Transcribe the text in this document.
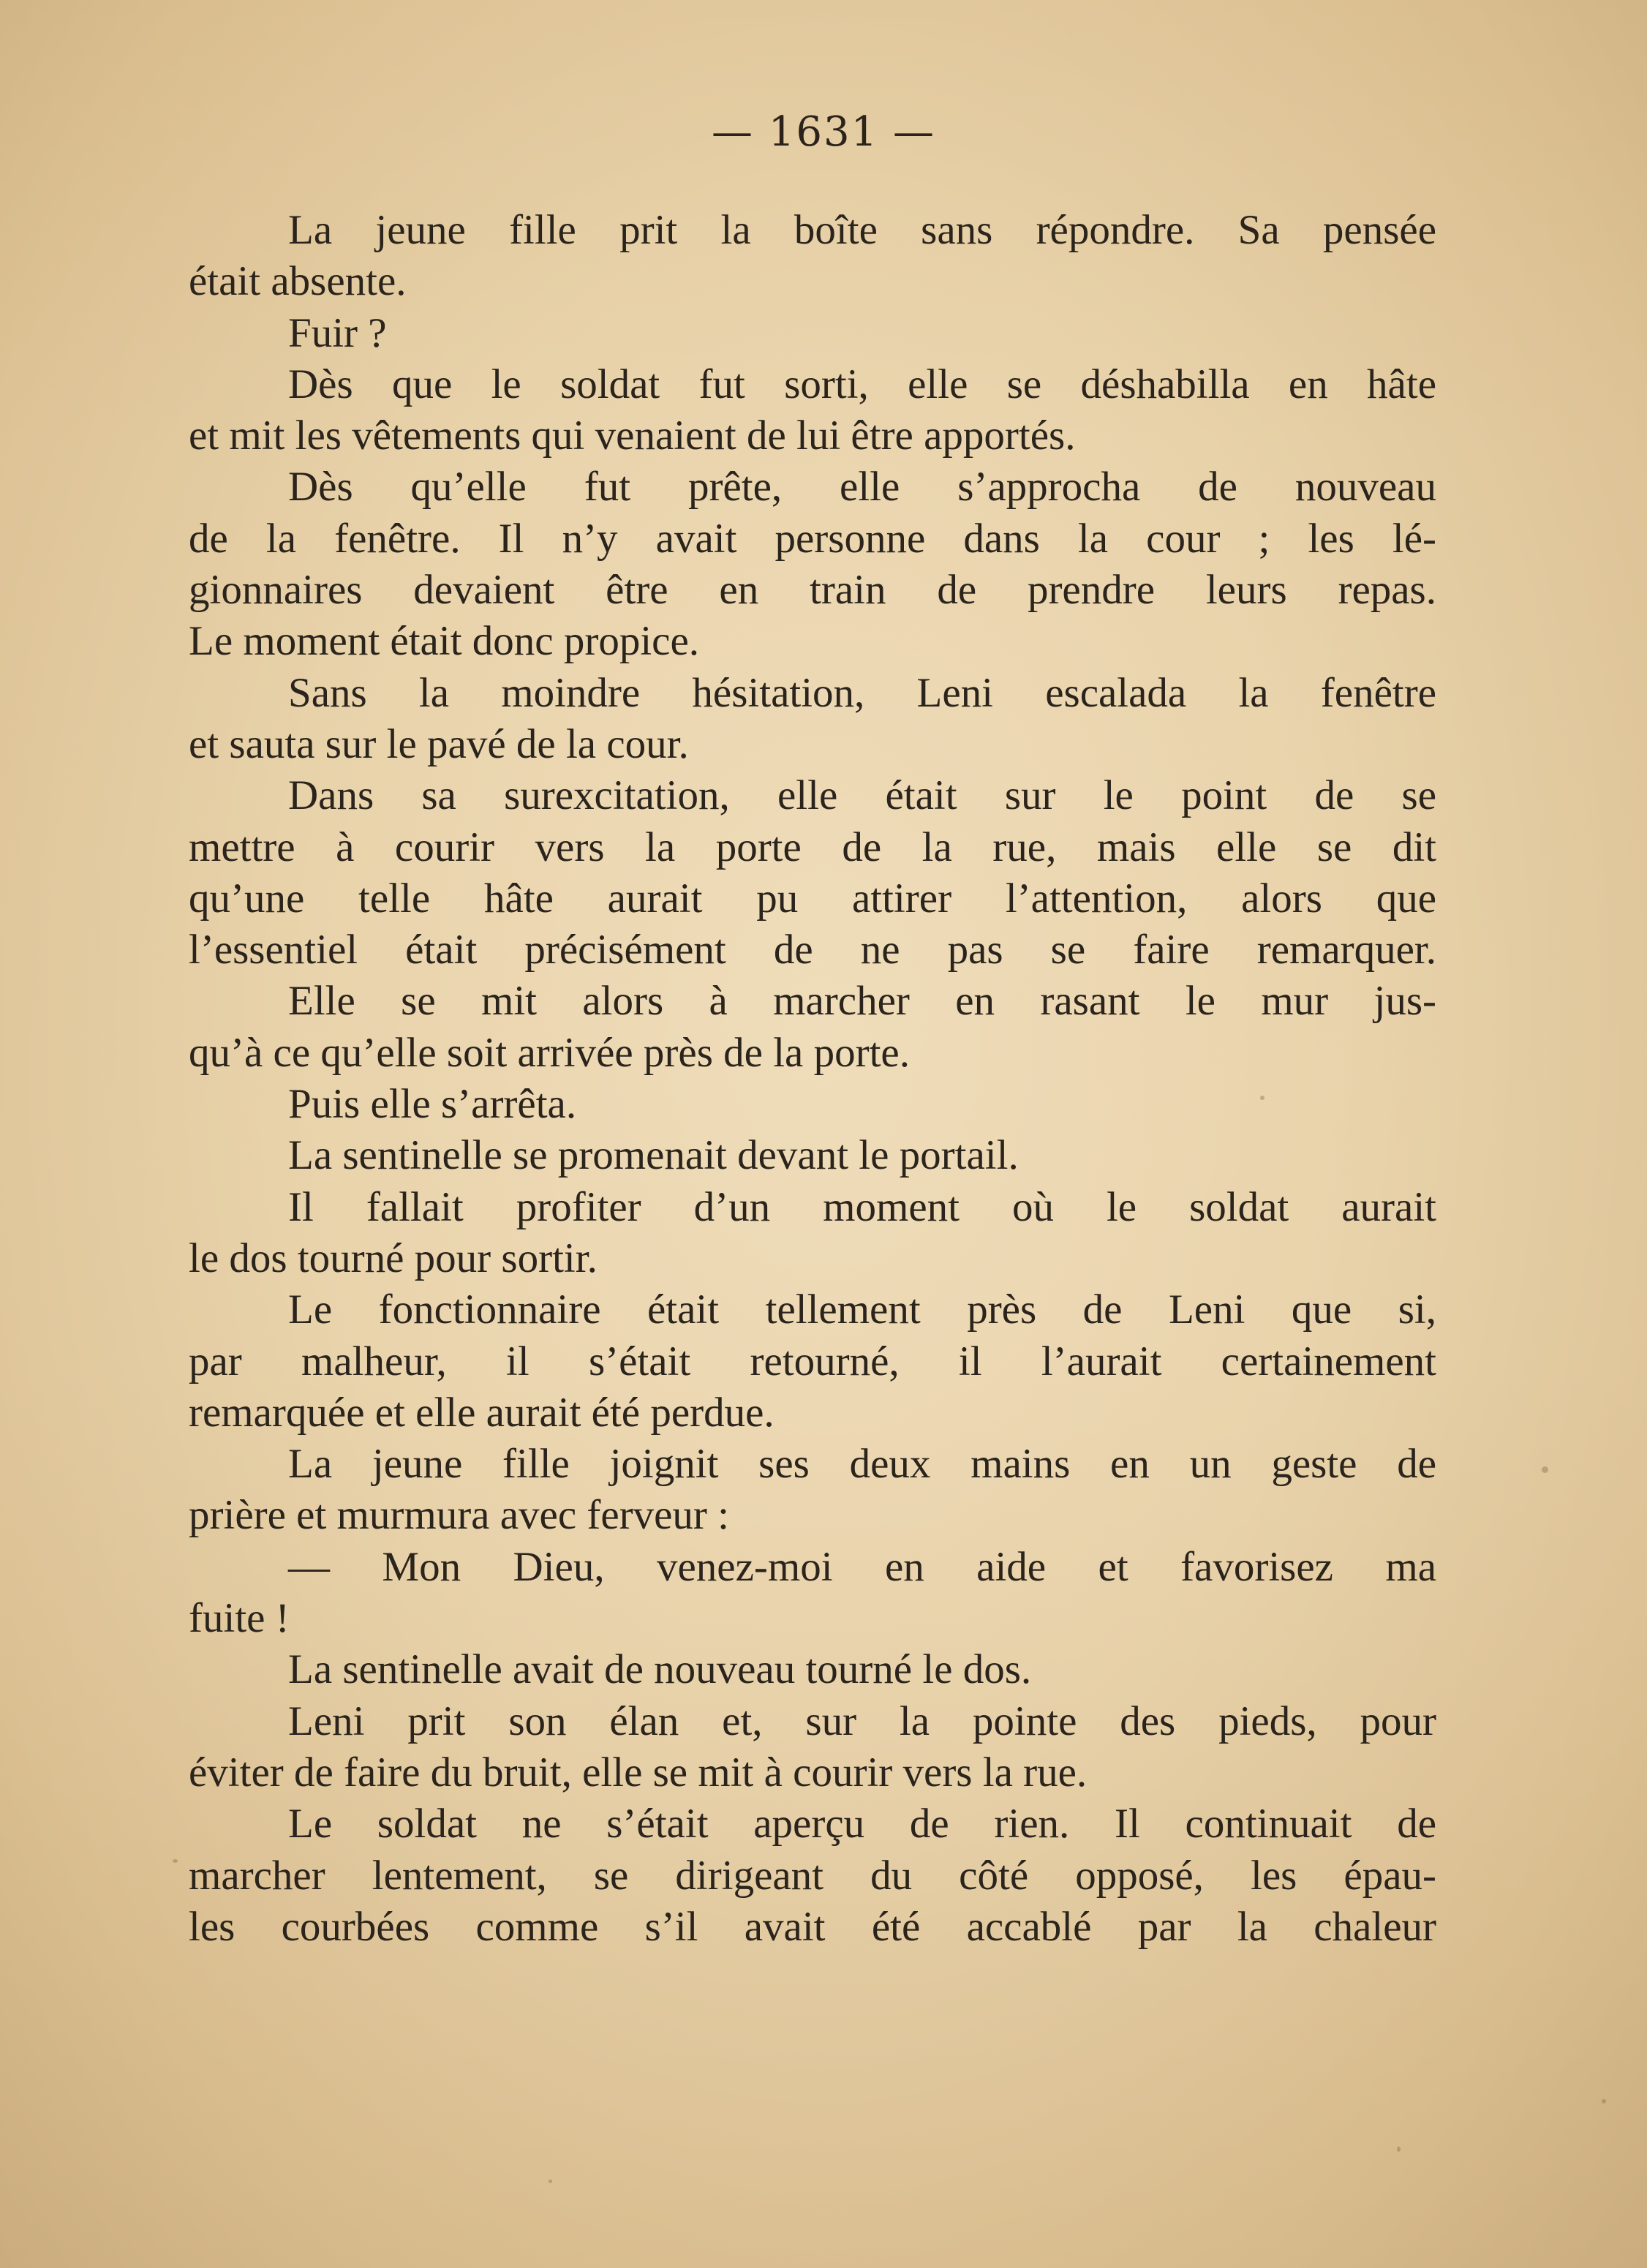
— 1631 —
La jeune fille prit la boîte sans répondre. Sa pensée
était absente.
Fuir ?
Dès que le soldat fut sorti, elle se déshabilla en hâte
et mit les vêtements qui venaient de lui être apportés.
Dès qu’elle fut prête, elle s’approcha de nouveau
de la fenêtre. Il n’y avait personne dans la cour ; les lé-
gionnaires devaient être en train de prendre leurs repas.
Le moment était donc propice.
Sans la moindre hésitation, Leni escalada la fenêtre
et sauta sur le pavé de la cour.
Dans sa surexcitation, elle était sur le point de se
mettre à courir vers la porte de la rue, mais elle se dit
qu’une telle hâte aurait pu attirer l’attention, alors que
l’essentiel était précisément de ne pas se faire remarquer.
Elle se mit alors à marcher en rasant le mur jus-
qu’à ce qu’elle soit arrivée près de la porte.
Puis elle s’arrêta.
La sentinelle se promenait devant le portail.
Il fallait profiter d’un moment où le soldat aurait
le dos tourné pour sortir.
Le fonctionnaire était tellement près de Leni que si,
par malheur, il s’était retourné, il l’aurait certainement
remarquée et elle aurait été perdue.
La jeune fille joignit ses deux mains en un geste de
prière et murmura avec ferveur :
— Mon Dieu, venez-moi en aide et favorisez ma
fuite !
La sentinelle avait de nouveau tourné le dos.
Leni prit son élan et, sur la pointe des pieds, pour
éviter de faire du bruit, elle se mit à courir vers la rue.
Le soldat ne s’était aperçu de rien. Il continuait de
marcher lentement, se dirigeant du côté opposé, les épau-
les courbées comme s’il avait été accablé par la chaleur
